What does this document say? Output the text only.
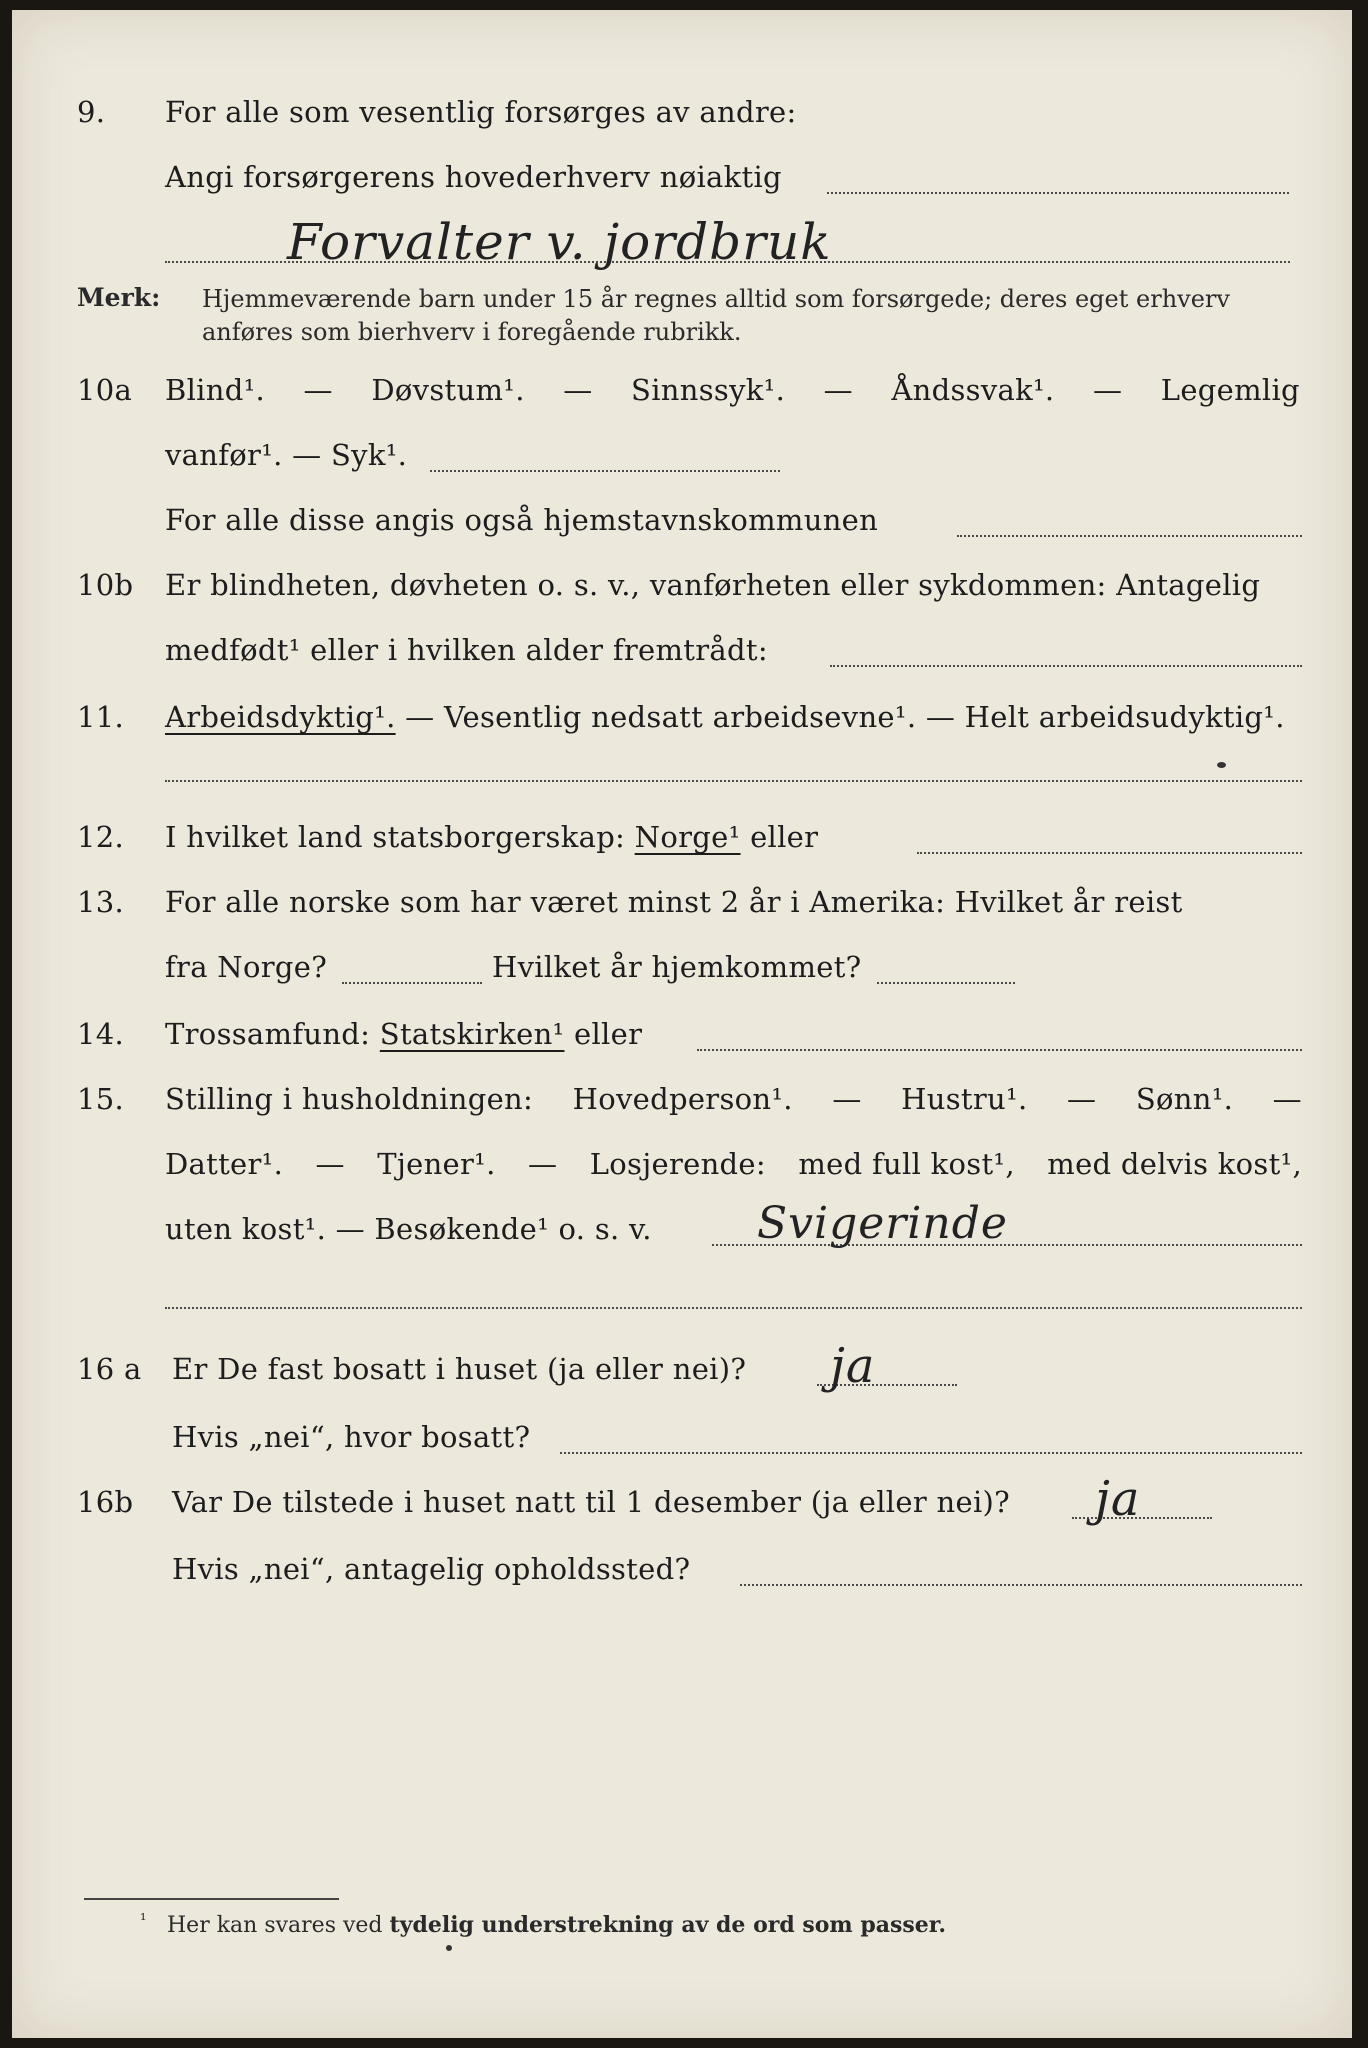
9. For alle som vesentlig forsørges av andre:
Angi forsørgerens hovederhverv nøiaktig
Forvalter v. jordbruk
Merk: Hjemmeværende barn under 15 år regnes alltid som forsørgede; deres eget erhverv
anføres som bierhverv i foregående rubrikk.
10a Blind¹. — Døvstum¹. — Sinnssyk¹. — Åndssvak¹. — Legemlig
vanfør¹. — Syk¹.
For alle disse angis også hjemstavnskommunen
10b Er blindheten, døvheten o. s. v., vanførheten eller sykdommen: Antagelig
medfødt¹ eller i hvilken alder fremtrådt:
11. Arbeidsdyktig¹. — Vesentlig nedsatt arbeidsevne¹. — Helt arbeidsudyktig¹.
12. I hvilket land statsborgerskap: Norge¹ eller
13. For alle norske som har været minst 2 år i Amerika: Hvilket år reist
fra Norge?	Hvilket år hjemkommet?
14. Trossamfund: Statskirken¹ eller
15. Stilling i husholdningen: Hovedperson¹. — Hustru¹. — Sønn¹. —
Datter¹. — Tjener¹. — Losjerende: med full kost¹, med delvis kost¹,
uten kost¹. — Besøkende¹ o. s. v. Svigerinde
16 a Er De fast bosatt i huset (ja eller nei)? ja
Hvis „nei“, hvor bosatt?
16b Var De tilstede i huset natt til 1 desember (ja eller nei)? ja
Hvis „nei“, antagelig opholdssted?
¹ Her kan svares ved tydelig understrekning av de ord som passer.
